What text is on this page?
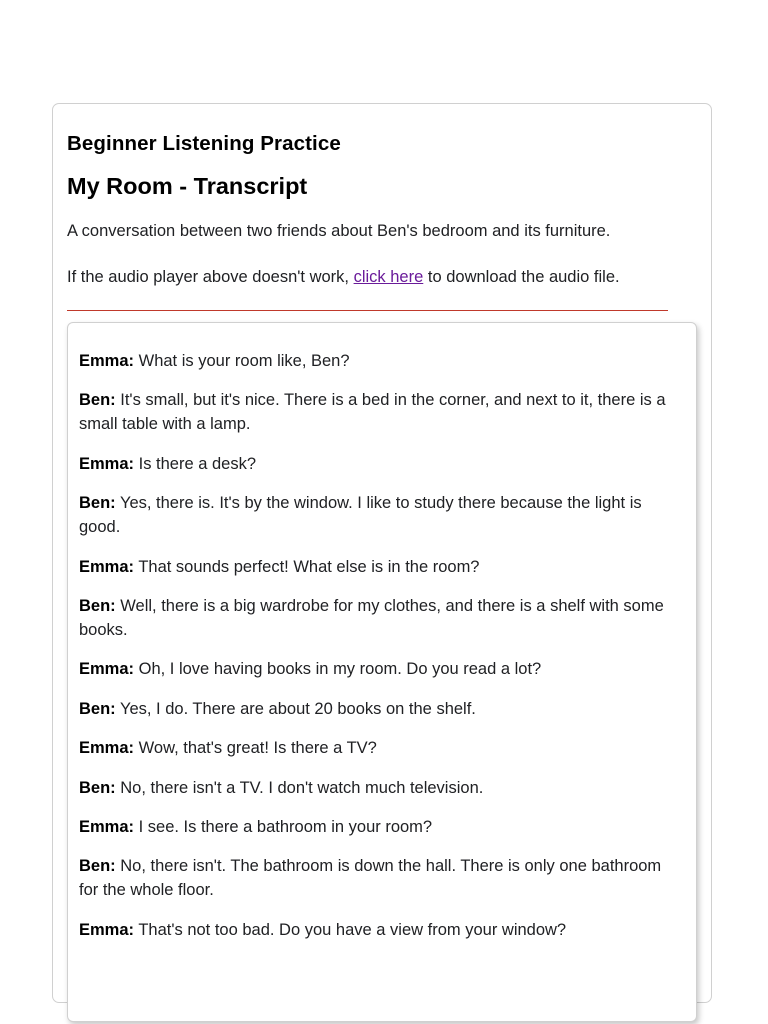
Beginner Listening Practice
My Room - Transcript

A conversation between two friends about Ben's bedroom and its furniture.

If the audio player above doesn't work, click here to download the audio file.

Emma: What is your room like, Ben?
Ben: It's small, but it's nice. There is a bed in the corner, and next to it, there is a small table with a lamp.
Emma: Is there a desk?
Ben: Yes, there is. It's by the window. I like to study there because the light is good.
Emma: That sounds perfect! What else is in the room?
Ben: Well, there is a big wardrobe for my clothes, and there is a shelf with some books.
Emma: Oh, I love having books in my room. Do you read a lot?
Ben: Yes, I do. There are about 20 books on the shelf.
Emma: Wow, that's great! Is there a TV?
Ben: No, there isn't a TV. I don't watch much television.
Emma: I see. Is there a bathroom in your room?
Ben: No, there isn't. The bathroom is down the hall. There is only one bathroom for the whole floor.
Emma: That's not too bad. Do you have a view from your window?
